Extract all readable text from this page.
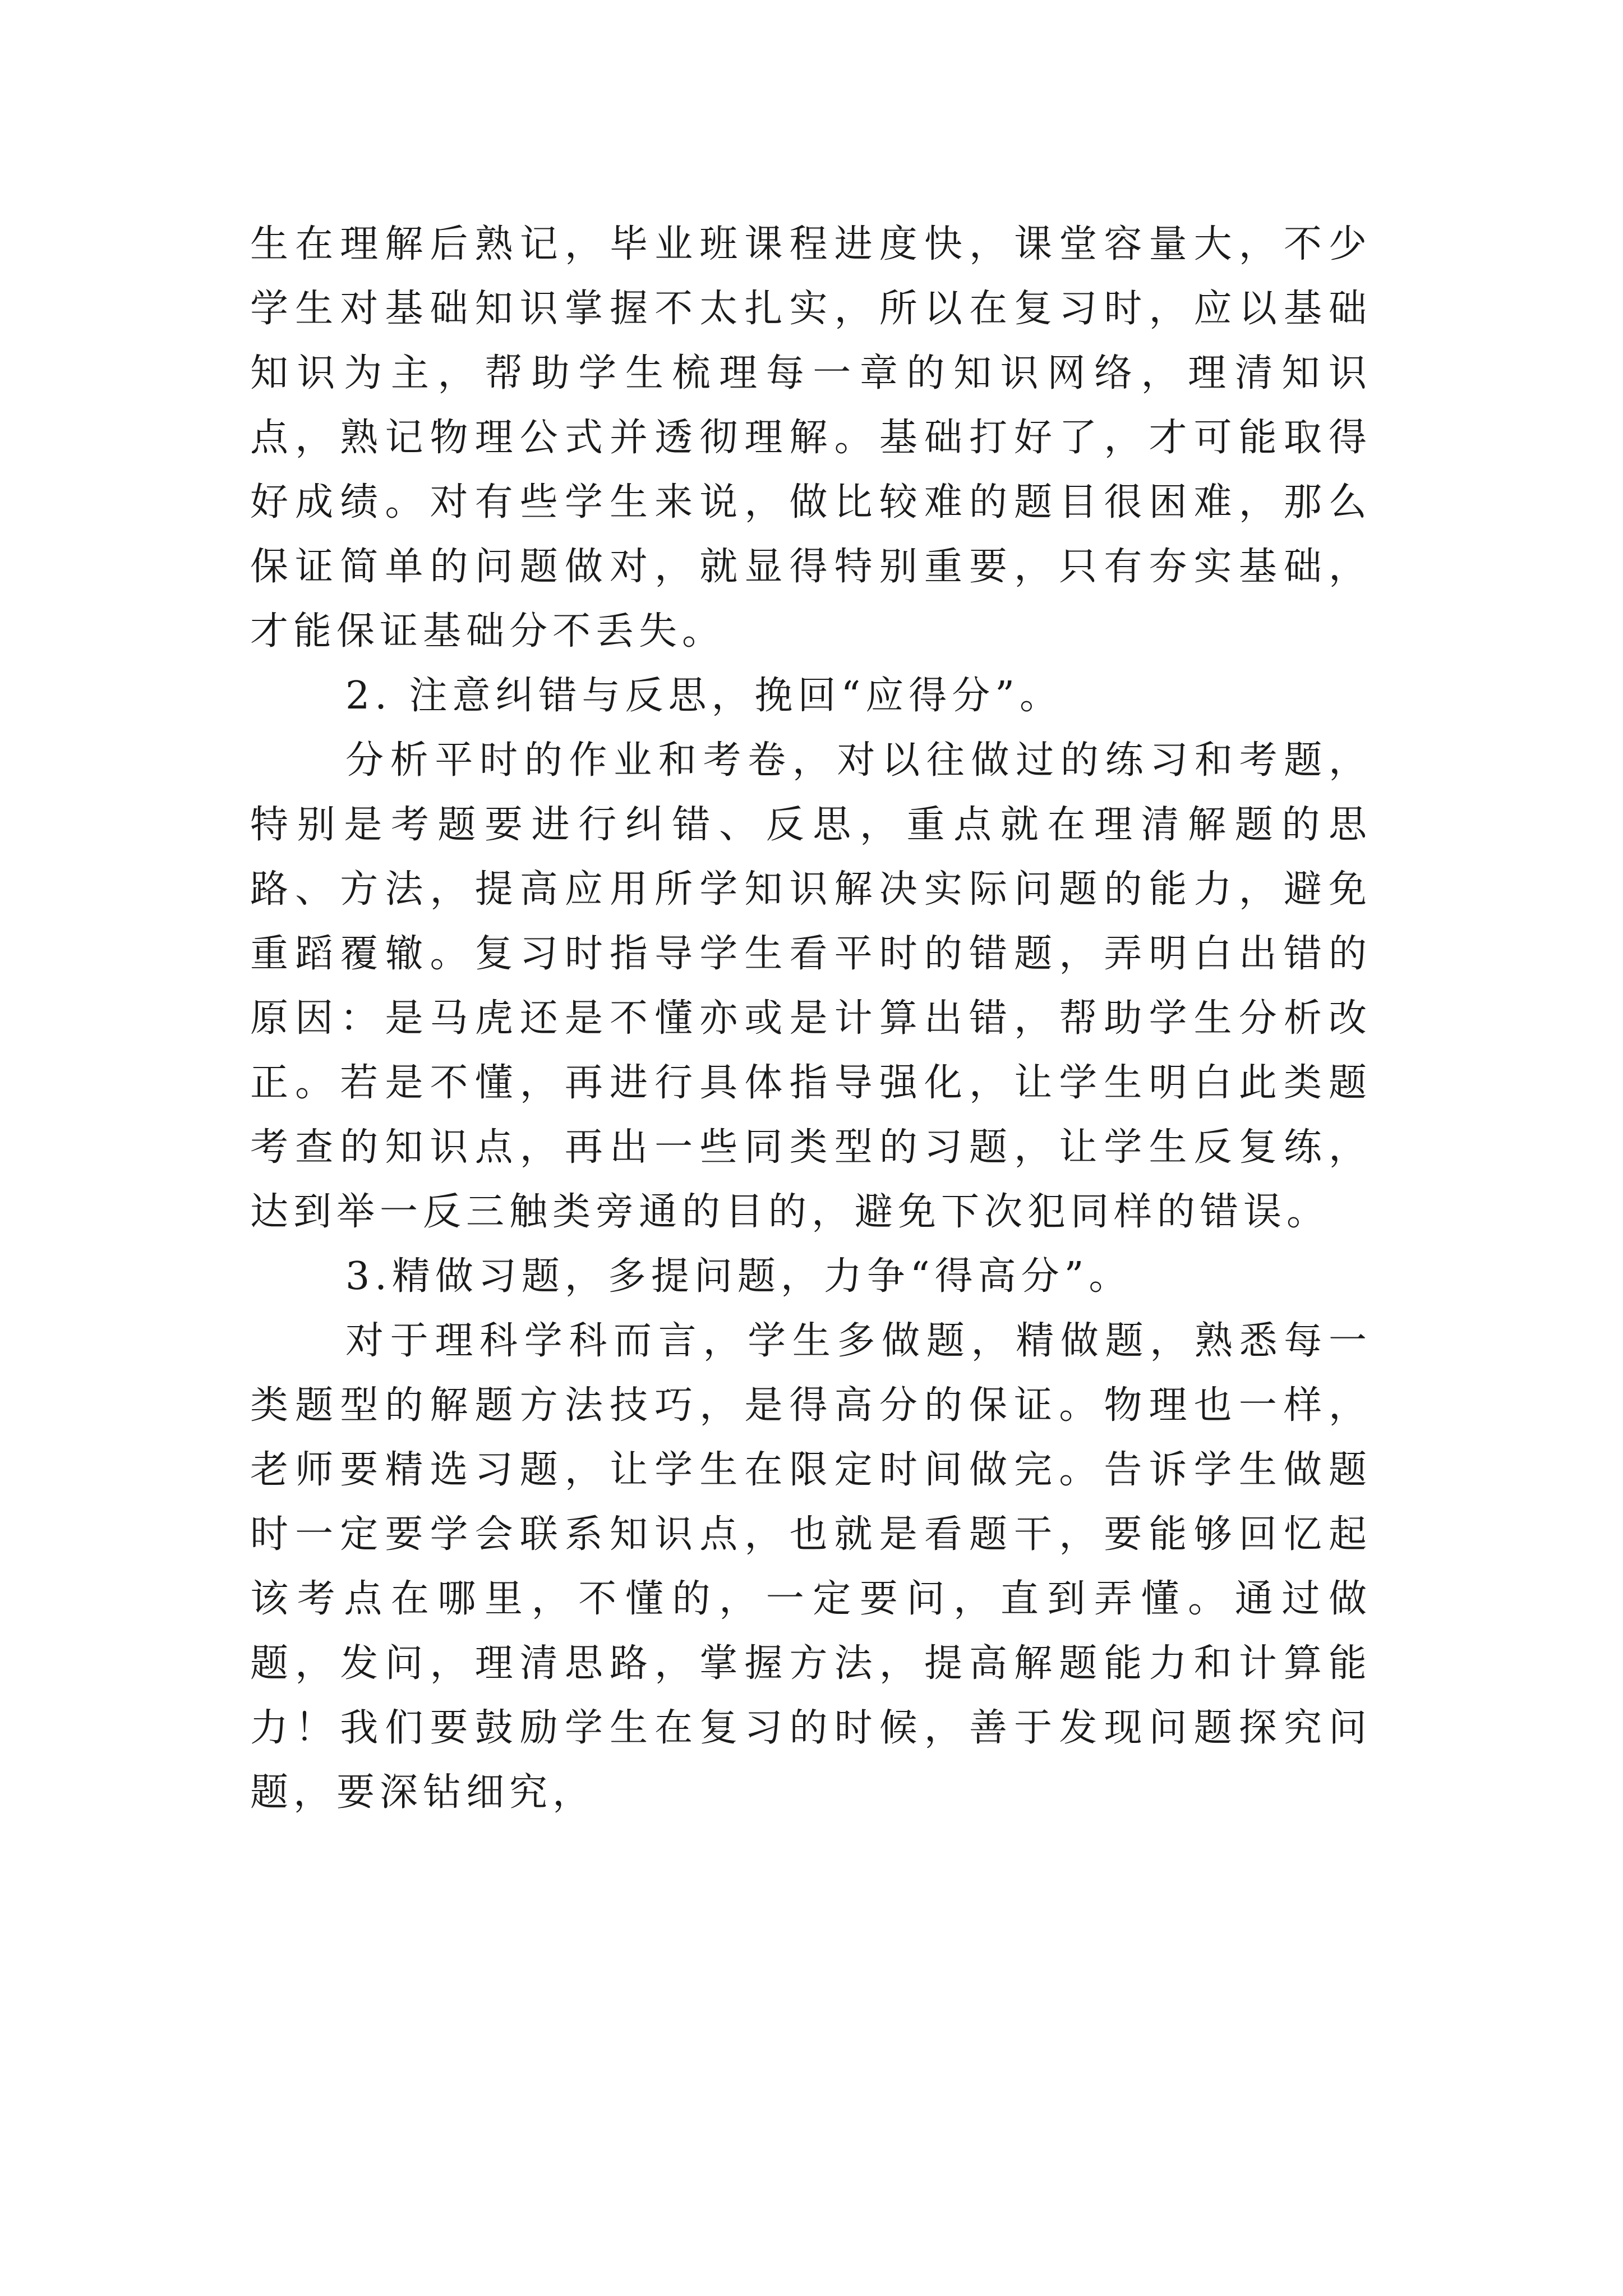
生在理解后熟记，毕业班课程进度快，课堂容量大，不少学生对基础知识掌握不太扎实，所以在复习时，应以基础知识为主，帮助学生梳理每一章的知识网络，理清知识点，熟记物理公式并透彻理解。基础打好了，才可能取得好成绩。对有些学生来说，做比较难的题目很困难，那么保证简单的问题做对，就显得特别重要，只有夯实基础，才能保证基础分不丢失。

2. 注意纠错与反思，挽回“应得分”。

分析平时的作业和考卷，对以往做过的练习和考题，特别是考题要进行纠错、反思，重点就在理清解题的思路、方法，提高应用所学知识解决实际问题的能力，避免重蹈覆辙。复习时指导学生看平时的错题，弄明白出错的原因：是马虎还是不懂亦或是计算出错，帮助学生分析改正。若是不懂，再进行具体指导强化，让学生明白此类题考查的知识点，再出一些同类型的习题，让学生反复练，达到举一反三触类旁通的目的，避免下次犯同样的错误。

3.精做习题，多提问题，力争“得高分”。

对于理科学科而言，学生多做题，精做题，熟悉每一类题型的解题方法技巧，是得高分的保证。物理也一样，老师要精选习题，让学生在限定时间做完。告诉学生做题时一定要学会联系知识点，也就是看题干，要能够回忆起该考点在哪里，不懂的，一定要问，直到弄懂。通过做题，发问，理清思路，掌握方法，提高解题能力和计算能力！我们要鼓励学生在复习的时候，善于发现问题探究问题，要深钻细究，
